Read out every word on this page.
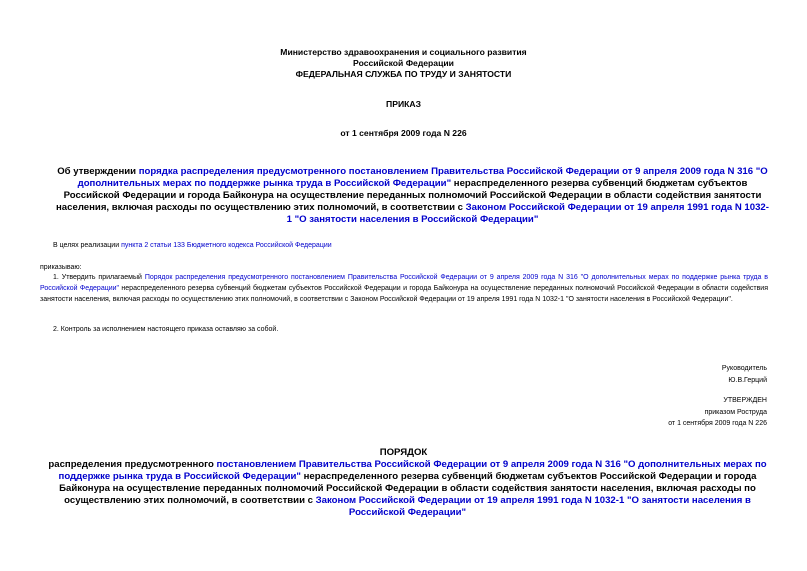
Министерство здравоохранения и социального развития
Российской Федерации
ФЕДЕРАЛЬНАЯ СЛУЖБА ПО ТРУДУ И ЗАНЯТОСТИ
ПРИКАЗ
от 1 сентября 2009 года N 226
Об утверждении порядка распределения предусмотренного постановлением Правительства Российской Федерации от 9 апреля 2009 года N 316 "О дополнительных мерах по поддержке рынка труда в Российской Федерации" нераспределенного резерва субвенций бюджетам субъектов Российской Федерации и города Байконура на осуществление переданных полномочий Российской Федерации в области содействия занятости населения, включая расходы по осуществлению этих полномочий, в соответствии с Законом Российской Федерации от 19 апреля 1991 года N 1032-1 "О занятости населения в Российской Федерации"
В целях реализации пункта 2 статьи 133 Бюджетного кодекса Российской Федерации
приказываю:
1. Утвердить прилагаемый Порядок распределения предусмотренного постановлением Правительства Российской Федерации от 9 апреля 2009 года N 316 "О дополнительных мерах по поддержке рынка труда в Российской Федерации" нераспределенного резерва субвенций бюджетам субъектов Российской Федерации и города Байконура на осуществление переданных полномочий Российской Федерации в области содействия занятости населения, включая расходы по осуществлению этих полномочий, в соответствии с Законом Российской Федерации от 19 апреля 1991 года N 1032-1 "О занятости населения в Российской Федерации".
2. Контроль за исполнением настоящего приказа оставляю за собой.
Руководитель
Ю.В.Герций
УТВЕРЖДЕН
приказом Роструда
от 1 сентября 2009 года N 226
ПОРЯДОК
распределения предусмотренного постановлением Правительства Российской Федерации от 9 апреля 2009 года N 316 "О дополнительных мерах по поддержке рынка труда в Российской Федерации" нераспределенного резерва субвенций бюджетам субъектов Российской Федерации и города Байконура на осуществление переданных полномочий Российской Федерации в области содействия занятости населения, включая расходы по осуществлению этих полномочий, в соответствии с Законом Российской Федерации от 19 апреля 1991 года N 1032-1 "О занятости населения в Российской Федерации"
